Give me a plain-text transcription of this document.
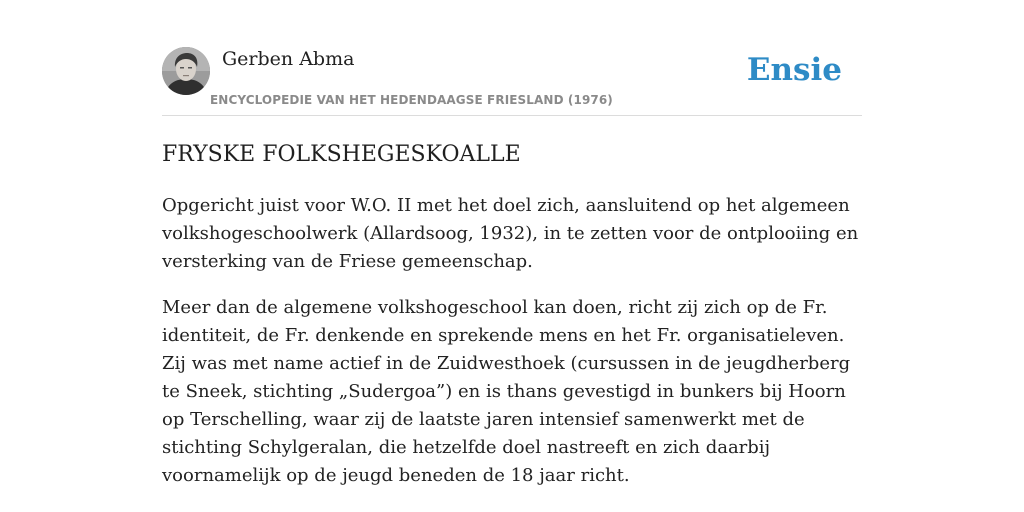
Gerben Abma
ENCYCLOPEDIE VAN HET HEDENDAAGSE FRIESLAND (1976)
Ensie
FRYSKE FOLKSHEGESKOALLE

Opgericht juist voor W.O. II met het doel zich, aansluitend op het algemeen volkshogeschoolwerk (Allardsoog, 1932), in te zetten voor de ontplooiing en versterking van de Friese gemeenschap.

Meer dan de algemene volkshogeschool kan doen, richt zij zich op de Fr. identiteit, de Fr. denkende en sprekende mens en het Fr. organisatieleven. Zij was met name actief in de Zuidwesthoek (cursussen in de jeugdherberg te Sneek, stichting „Sudergoa”) en is thans gevestigd in bunkers bij Hoorn op Terschelling, waar zij de laatste jaren intensief samenwerkt met de stichting Schylgeralan, die hetzelfde doel nastreeft en zich daarbij voornamelijk op de jeugd beneden de 18 jaar richt.
